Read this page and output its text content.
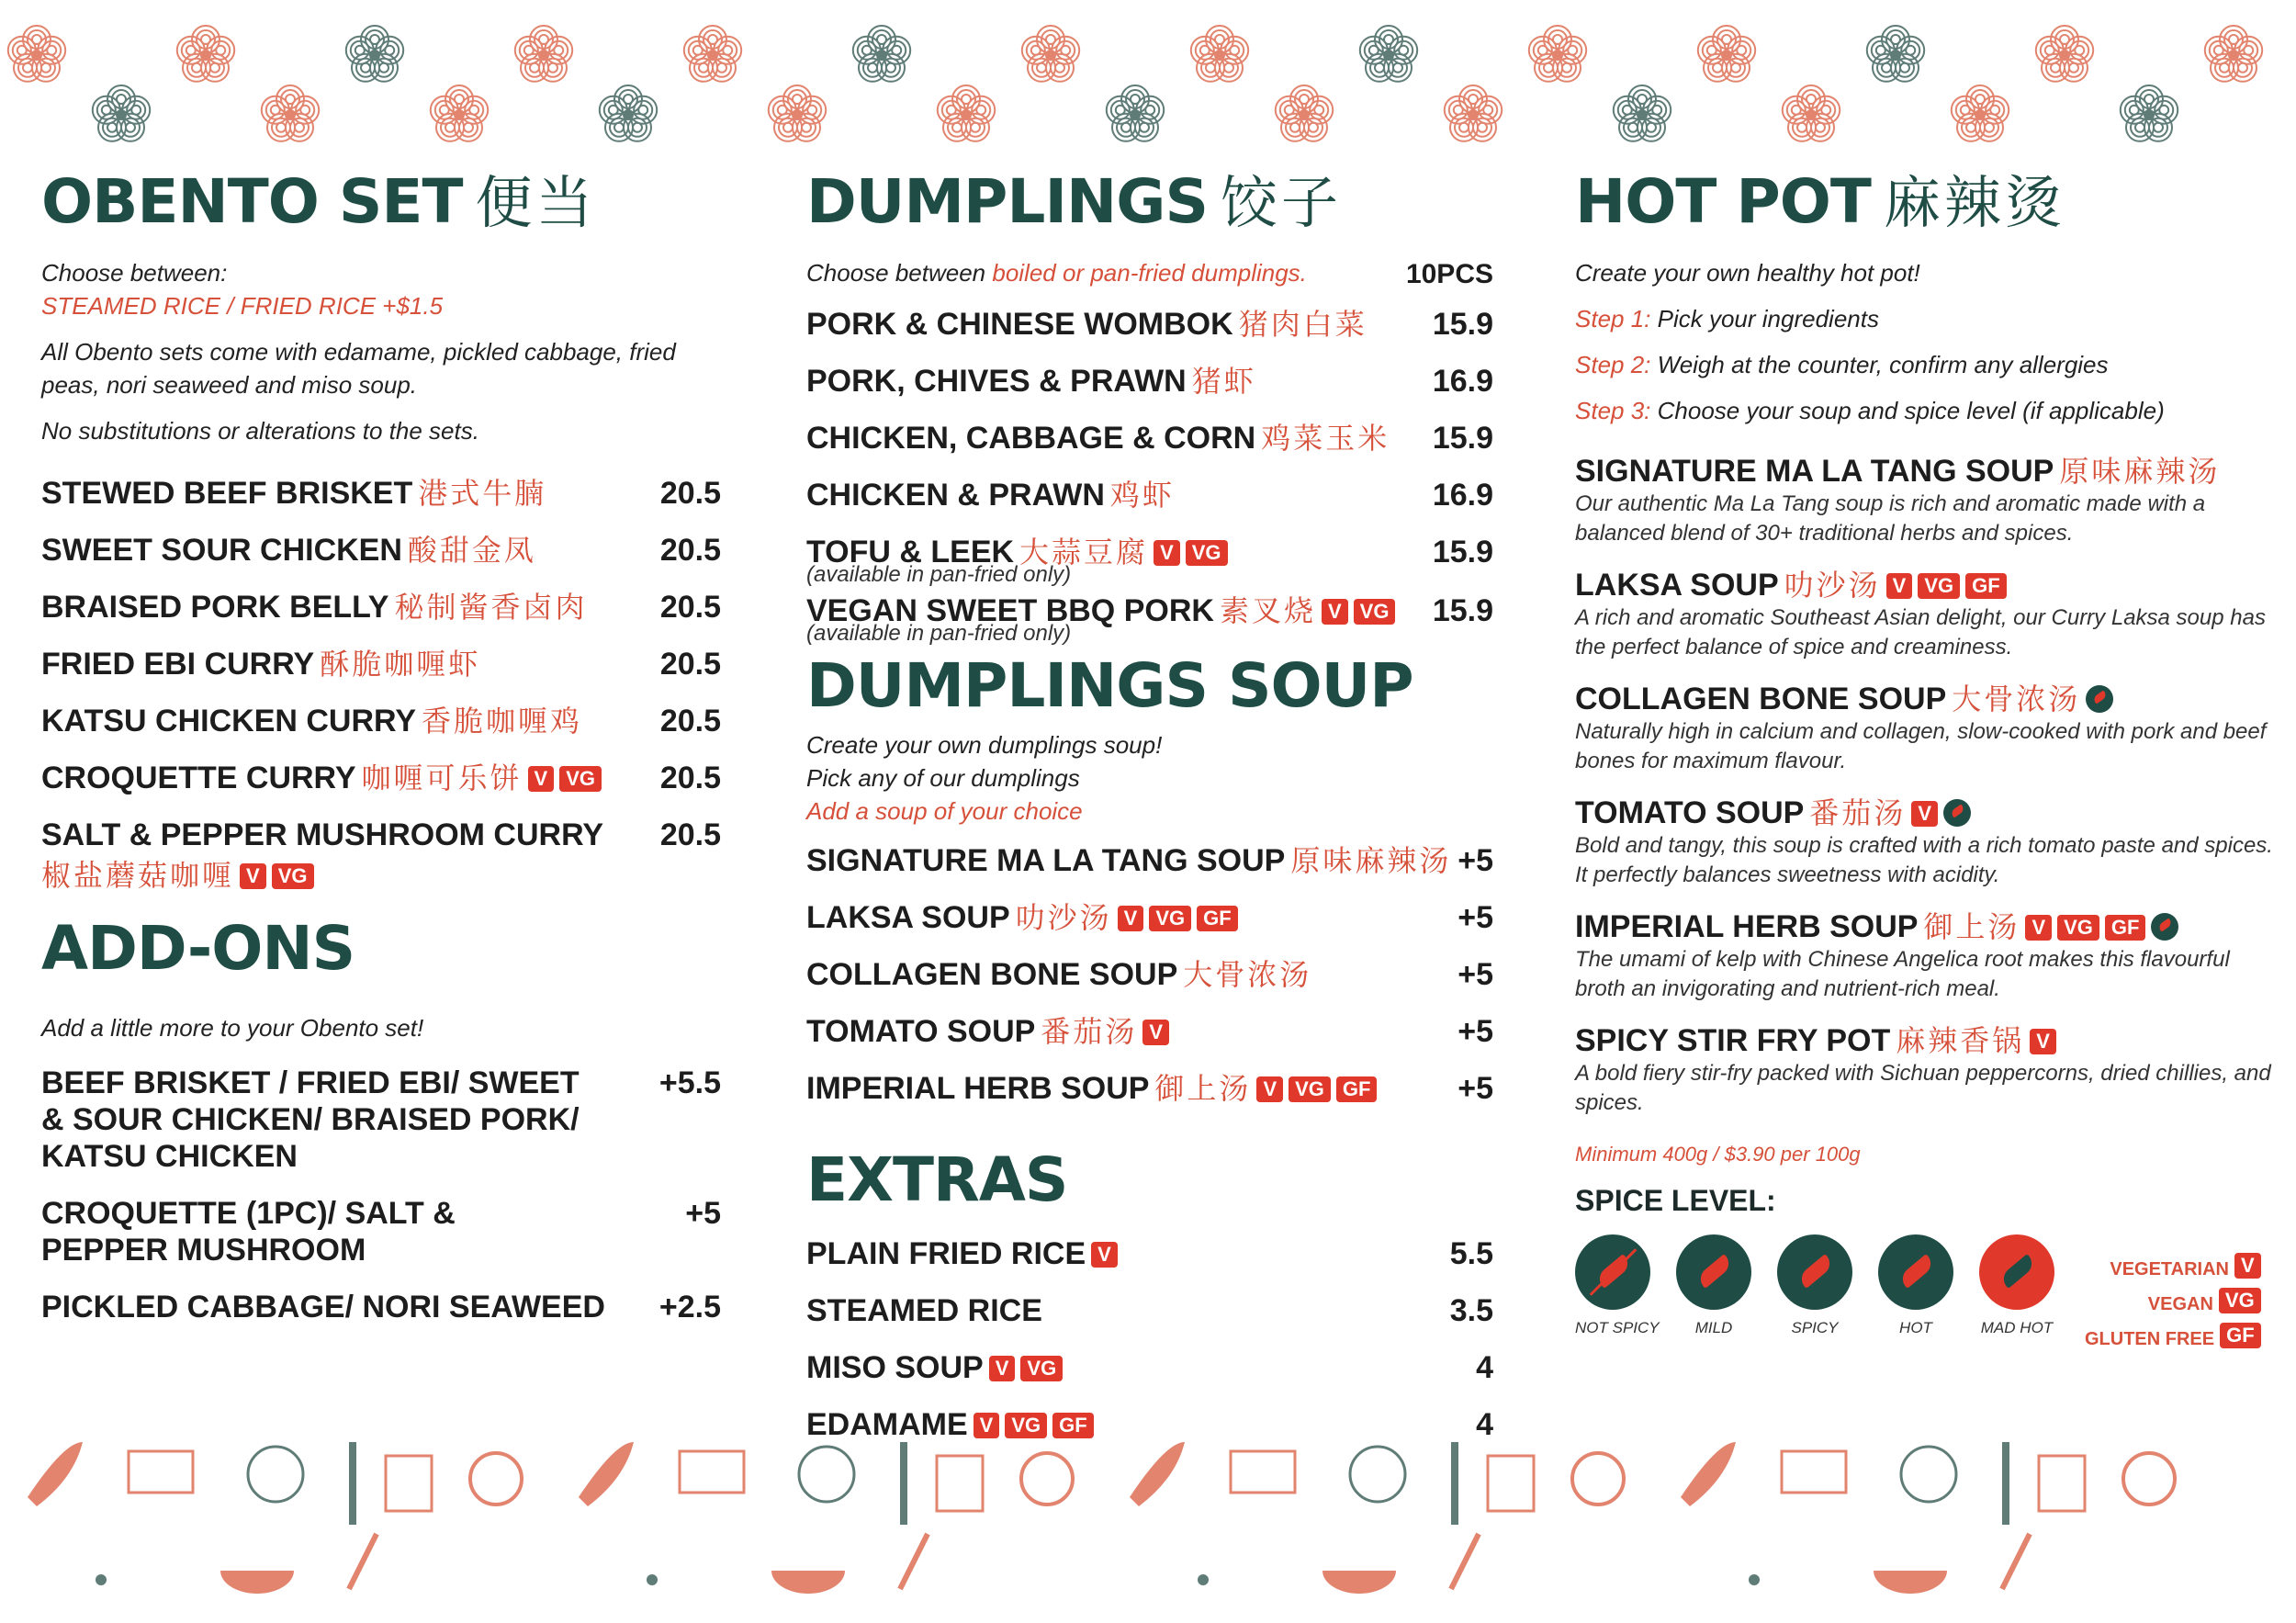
OBENTO SET 便当

Choose between:

STEAMED RICE / FRIED RICE +$1.5

All Obento sets come with edamame, pickled cabbage, fried peas, nori seaweed and miso soup.

No substitutions or alterations to the sets.

STEWED BEEF BRISKET 港式牛腩	20.5
SWEET SOUR CHICKEN 酸甜金凤	20.5
BRAISED PORK BELLY 秘制酱香卤肉	20.5
FRIED EBI CURRY 酥脆咖喱虾	20.5
KATSU CHICKEN CURRY 香脆咖喱鸡	20.5
CROQUETTE CURRY 咖喱可乐饼 V VG	20.5
SALT & PEPPER MUSHROOM CURRY	20.5
椒盐蘑菇咖喱 V VG
ADD-ONS

Add a little more to your Obento set!

BEEF BRISKET / FRIED EBI/ SWEET & SOUR CHICKEN/ BRAISED PORK/ KATSU CHICKEN
+5.5
CROQUETTE (1PC)/ SALT & PEPPER MUSHROOM
+5
PICKLED CABBAGE/ NORI SEAWEED	+2.5
DUMPLINGS 饺子
Choose between boiled or pan-fried dumplings.	10PCS
PORK & CHINESE WOMBOK 猪肉白菜	15.9
PORK, CHIVES & PRAWN 猪虾	16.9
CHICKEN, CABBAGE & CORN 鸡菜玉米	15.9
CHICKEN & PRAWN 鸡虾	16.9
TOFU & LEEK 大蒜豆腐 V VG	15.9

(available in pan-fried only)

VEGAN SWEET BBQ PORK 素叉烧 V VG	15.9

(available in pan-fried only)

DUMPLINGS SOUP

Create your own dumplings soup!

Pick any of our dumplings

Add a soup of your choice

SIGNATURE MA LA TANG SOUP 原味麻辣汤 +5
LAKSA SOUP 叻沙汤 V VG GF	+5
COLLAGEN BONE SOUP 大骨浓汤	+5
TOMATO SOUP 番茄汤 V	+5
IMPERIAL HERB SOUP 御上汤 V VG GF	+5
EXTRAS
PLAIN FRIED RICE V	5.5
STEAMED RICE	3.5
MISO SOUP V VG	4
EDAMAME V VG GF	4
HOT POT 麻辣烫

Create your own healthy hot pot!

Step 1: Pick your ingredients

Step 2: Weigh at the counter, confirm any allergies

Step 3: Choose your soup and spice level (if applicable)

SIGNATURE MA LA TANG SOUP 原味麻辣汤
Our authentic Ma La Tang soup is rich and aromatic made with a balanced blend of 30+ traditional herbs and spices.
LAKSA SOUP 叻沙汤 V VG GF
A rich and aromatic Southeast Asian delight, our Curry Laksa soup has the perfect balance of spice and creaminess.
COLLAGEN BONE SOUP 大骨浓汤
Naturally high in calcium and collagen, slow-cooked with pork and beef bones for maximum flavour.
TOMATO SOUP 番茄汤 V
Bold and tangy, this soup is crafted with a rich tomato paste and spices. It perfectly balances sweetness with acidity.
IMPERIAL HERB SOUP 御上汤 V VG GF
The umami of kelp with Chinese Angelica root makes this flavourful broth an invigorating and nutrient-rich meal.
SPICY STIR FRY POT 麻辣香锅 V
A bold fiery stir-fry packed with Sichuan peppercorns, dried chillies, and spices.

Minimum 400g / $3.90 per 100g

SPICE LEVEL:
NOT SPICY	MILD	SPICY	HOT	MAD HOT
VEGETARIAN V
VEGAN VG
GLUTEN FREE GF
